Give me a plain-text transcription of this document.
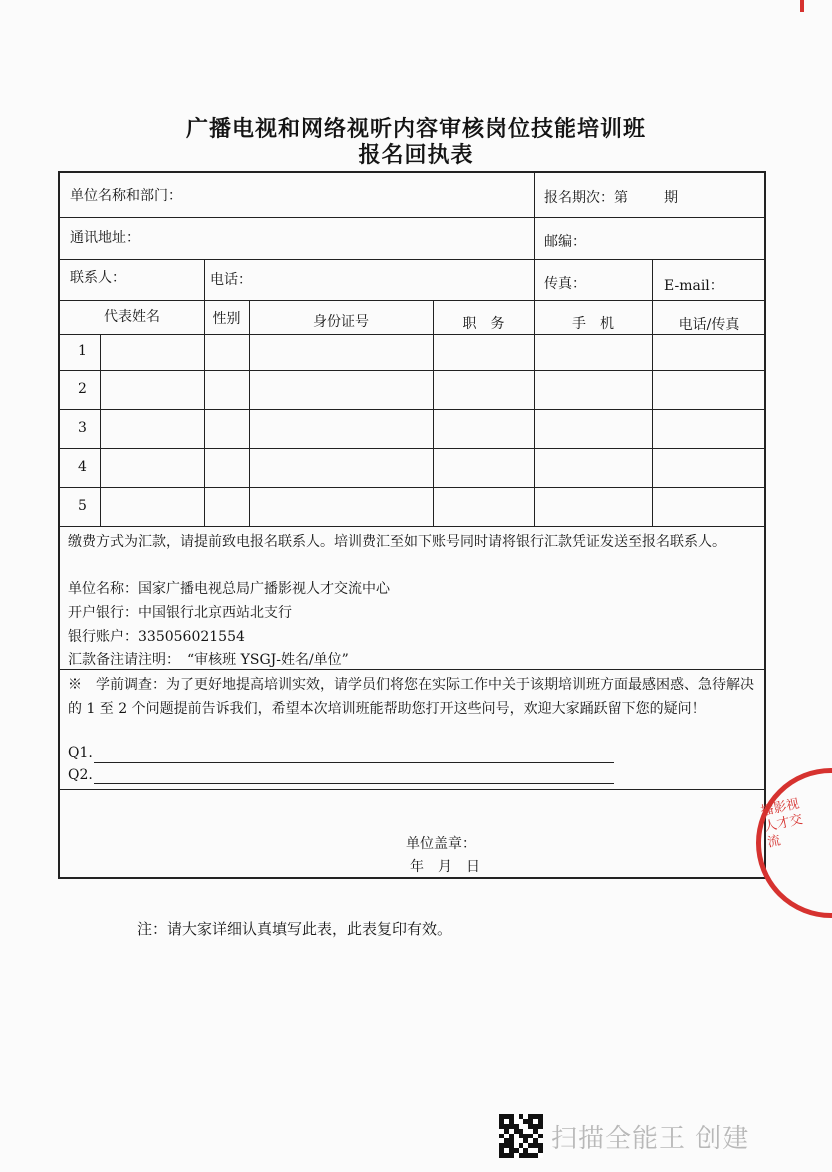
广播电视和网络视听内容审核岗位技能培训班
报名回执表
单位名称和部门：	报名期次：第	期
通讯地址：	邮编：
联系人：	电话：	传真：	E-mail：
代表姓名	性别	身份证号	职　务	手　机	电话/传真
1
2
3
4
5
缴费方式为汇款，请提前致电报名联系人。培训费汇至如下账号同时请将银行汇款凭证发送至报名联系人。
单位名称：国家广播电视总局广播影视人才交流中心
开户银行：中国银行北京西站北支行
银行账户：335056021554
汇款备注请注明：　“审核班 YSGJ-姓名/单位”
※　学前调查：为了更好地提高培训实效，请学员们将您在实际工作中关于该期培训班方面最感困惑、急待解决的 1 至 2 个问题提前告诉我们，希望本次培训班能帮助您打开这些问号，欢迎大家踊跃留下您的疑问！
Q1.
Q2.
单位盖章：
年　月　日
注：请大家详细认真填写此表，此表复印有效。
播影视人才交流
扫描全能王 创建
